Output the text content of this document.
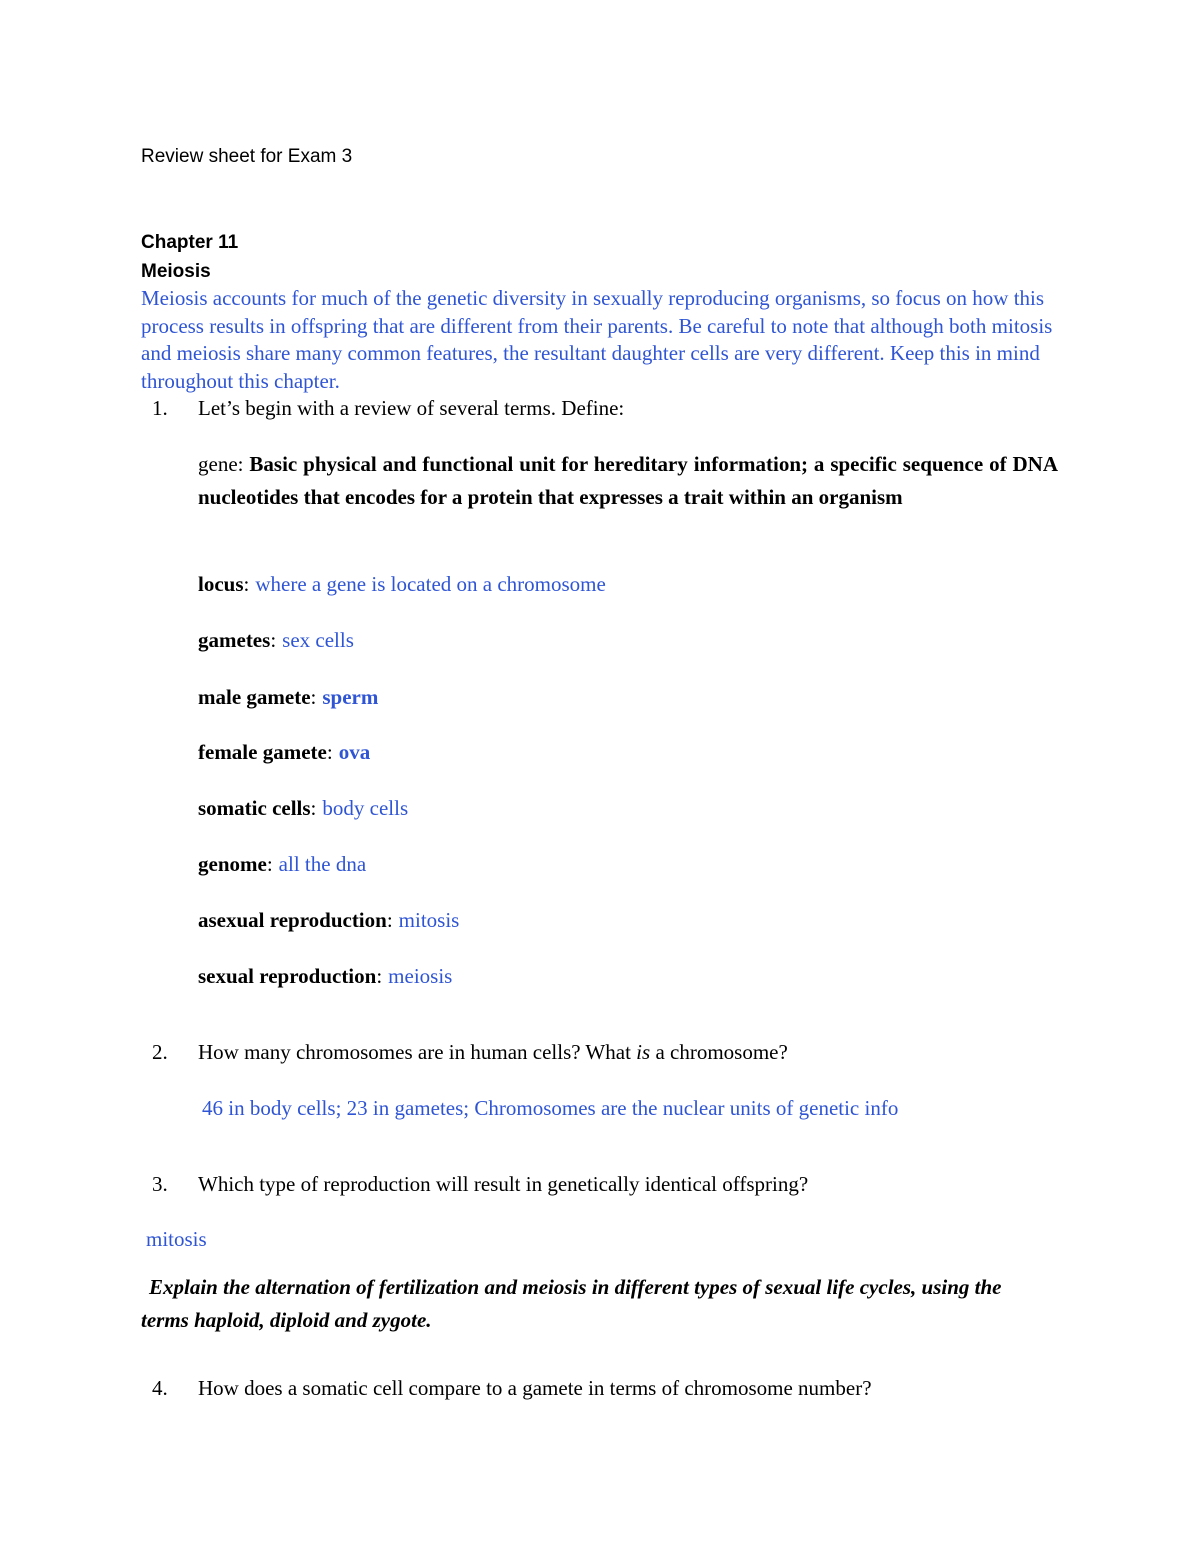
Review sheet for Exam 3
Chapter 11
Meiosis
Meiosis accounts for much of the genetic diversity in sexually reproducing organisms, so focus on how this process results in offspring that are different from their parents. Be careful to note that although both mitosis and meiosis share many common features, the resultant daughter cells are very different. Keep this in mind throughout this chapter.
1. Let’s begin with a review of several terms. Define:
gene: Basic physical and functional unit for hereditary information; a specific sequence of DNA nucleotides that encodes for a protein that expresses a trait within an organism
locus: where a gene is located on a chromosome
gametes: sex cells
male gamete: sperm
female gamete: ova
somatic cells: body cells
genome: all the dna
asexual reproduction: mitosis
sexual reproduction: meiosis
2. How many chromosomes are in human cells? What is a chromosome?
46 in body cells; 23 in gametes; Chromosomes are the nuclear units of genetic info
3. Which type of reproduction will result in genetically identical offspring?
mitosis
Explain the alternation of fertilization and meiosis in different types of sexual life cycles, using the terms haploid, diploid and zygote.
4. How does a somatic cell compare to a gamete in terms of chromosome number?
